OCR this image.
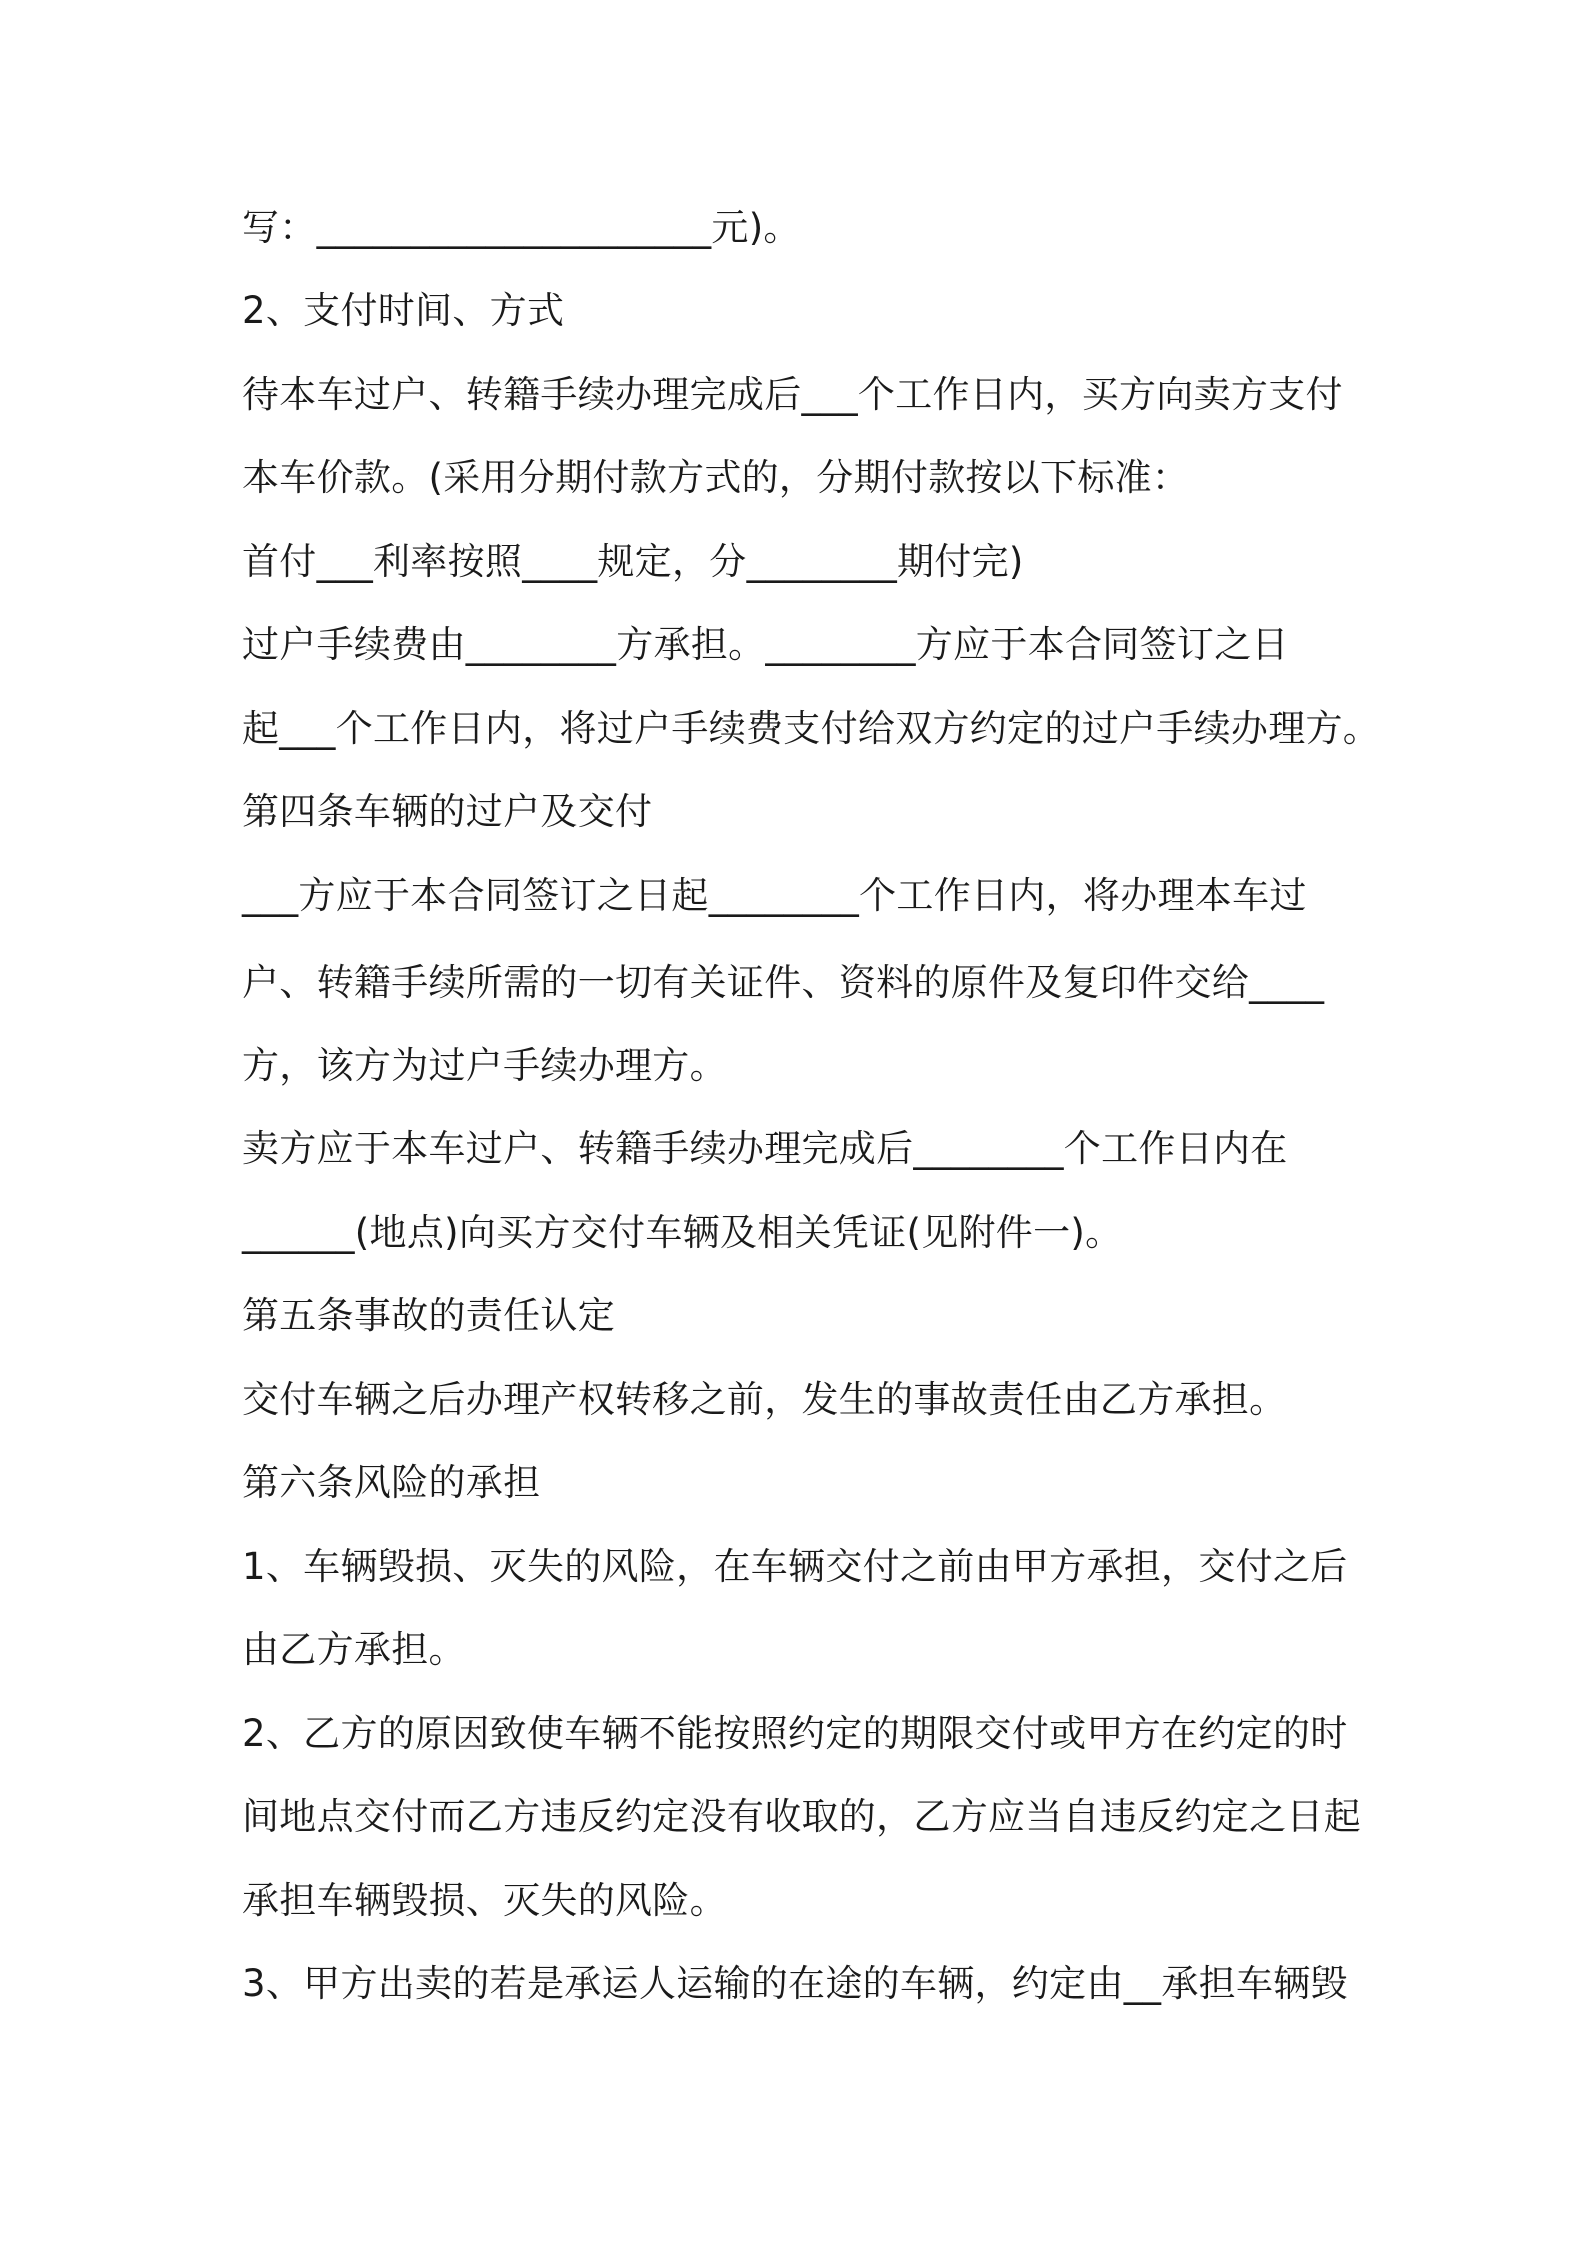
写：_____________________元)。
2、支付时间、方式
待本车过户、转籍手续办理完成后___个工作日内，买方向卖方支付
本车价款。(采用分期付款方式的，分期付款按以下标准：
首付___利率按照____规定，分________期付完)
过户手续费由________方承担。________方应于本合同签订之日
起___个工作日内，将过户手续费支付给双方约定的过户手续办理方。
第四条车辆的过户及交付
___方应于本合同签订之日起________个工作日内，将办理本车过
户、转籍手续所需的一切有关证件、资料的原件及复印件交给____
方，该方为过户手续办理方。
卖方应于本车过户、转籍手续办理完成后________个工作日内在
______(地点)向买方交付车辆及相关凭证(见附件一)。
第五条事故的责任认定
交付车辆之后办理产权转移之前，发生的事故责任由乙方承担。
第六条风险的承担
1、车辆毁损、灭失的风险，在车辆交付之前由甲方承担，交付之后
由乙方承担。
2、乙方的原因致使车辆不能按照约定的期限交付或甲方在约定的时
间地点交付而乙方违反约定没有收取的，乙方应当自违反约定之日起
承担车辆毁损、灭失的风险。
3、甲方出卖的若是承运人运输的在途的车辆，约定由__承担车辆毁
